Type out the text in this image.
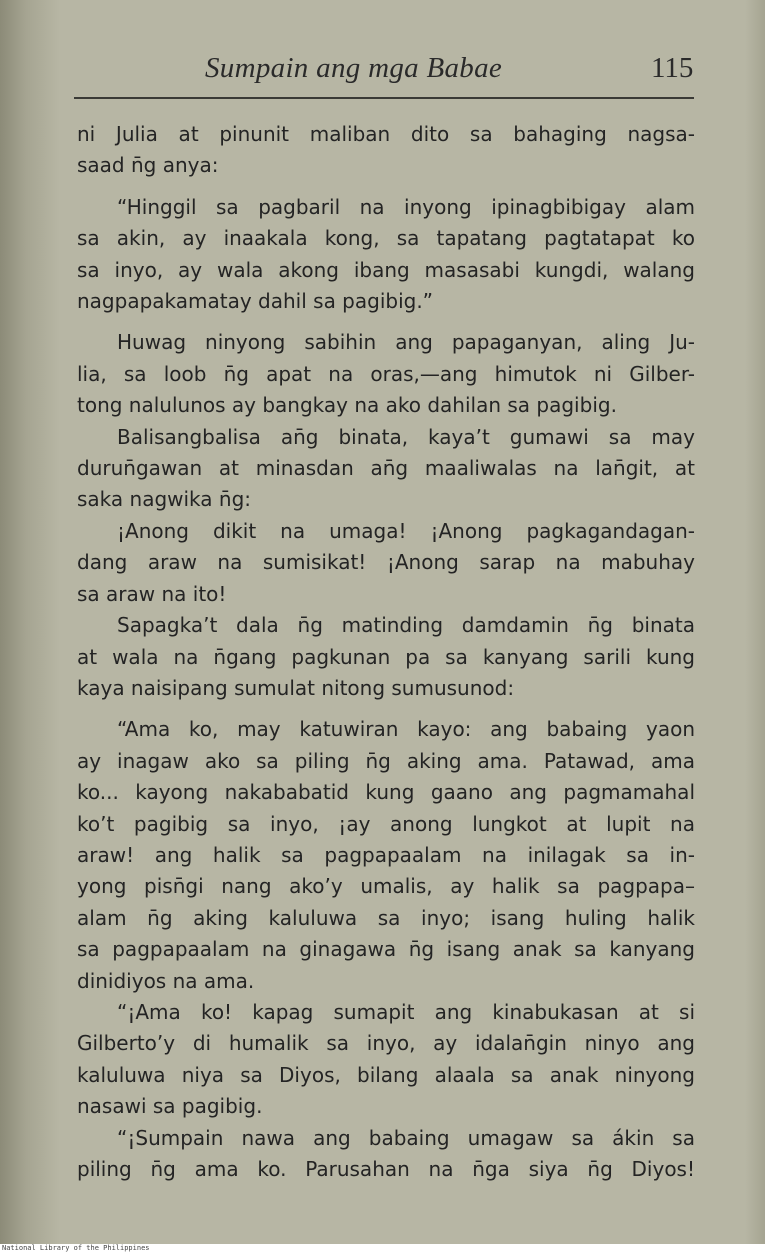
Sumpain ang mga Babae	115
ni Julia at pinunit maliban dito sa bahaging nagsa-
saad n̄g anya:
“Hinggil sa pagbaril na inyong ipinagbibigay alam
sa akin, ay inaakala kong, sa tapatang pagtatapat ko
sa inyo, ay wala akong ibang masasabi kungdi, walang
nagpapakamatay dahil sa pagibig.”
Huwag ninyong sabihin ang papaganyan, aling Ju-
lia, sa loob n̄g apat na oras,—ang himutok ni Gilber-
tong nalulunos ay bangkay na ako dahilan sa pagibig.
Balisangbalisa an̄g binata, kaya’t gumawi sa may
durun̄gawan at minasdan an̄g maaliwalas na lan̄git, at
saka nagwika n̄g:
¡Anong dikit na umaga! ¡Anong pagkagandagan-
dang araw na sumisikat! ¡Anong sarap na mabuhay
sa araw na ito!
Sapagka’t dala n̄g matinding damdamin n̄g binata
at wala na n̄gang pagkunan pa sa kanyang sarili kung
kaya naisipang sumulat nitong sumusunod:
“Ama ko, may katuwiran kayo: ang babaing yaon
ay inagaw ako sa piling n̄g aking ama. Patawad, ama
ko... kayong nakababatid kung gaano ang pagmamahal
ko’t pagibig sa inyo, ¡ay anong lungkot at lupit na
araw! ang halik sa pagpapaalam na inilagak sa in-
yong pisn̄gi nang ako’y umalis, ay halik sa pagpapa–
alam n̄g aking kaluluwa sa inyo; isang huling halik
sa pagpapaalam na ginagawa n̄g isang anak sa kanyang
dinidiyos na ama.
“¡Ama ko! kapag sumapit ang kinabukasan at si
Gilberto’y di humalik sa inyo, ay idalan̄gin ninyo ang
kaluluwa niya sa Diyos, bilang alaala sa anak ninyong
nasawi sa pagibig.
“¡Sumpain nawa ang babaing umagaw sa ákin sa
piling n̄g ama ko. Parusahan na n̄ga siya n̄g Diyos!
National Library of the Philippines
